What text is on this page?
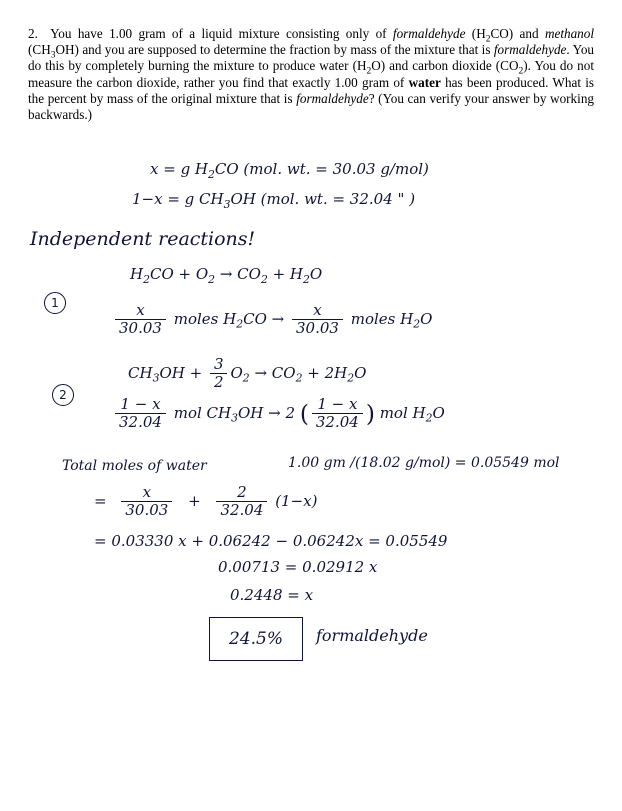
2. You have 1.00 gram of a liquid mixture consisting only of formaldehyde $(H_2CO)$ and methanol $(CH_3OH)$ and you are supposed to determine the fraction by mass of the mixture that is formaldehyde. You do this by completely burning the mixture to produce water $(H_2O)$ and carbon dioxide $(CO_2)$. You do not measure the carbon dioxide, rather you find that exactly 1.00 gram of water has been produced. What is the percent by mass of the original mixture that is formaldehyde? (You can verify your answer by working backwards.)
x = g $H_2CO$ (mol. wt. = 30.03 g/mol)
1−x = g $CH_3OH$ (mol. wt. = 32.04 " )
Independent reactions!
$H_2CO + O_2 \to CO_2 + H_2O$
1	$\frac{x}{30.03}$ moles $H_2CO \to \frac{x}{30.03}$ moles $H_2O$
$CH_3OH + \frac{3}{2} O_2 \to CO_2 + 2H_2O$
2
$\frac{1 - x}{32.04}$ mol $CH_3OH \to 2$ ( $\frac{1 - x}{32.04}$ ) mol $H_2O$
Total moles of water	1.00 gm /(18.02 g/mol) = 0.05549 mol
= $\frac{x}{30.03} + \frac{2}{32.04} (1-x)$
= 0.03330 x + 0.06242 − 0.06242x = 0.05549
0.00713 = 0.02912 x
0.2448 = x
24.5%	formaldehyde
